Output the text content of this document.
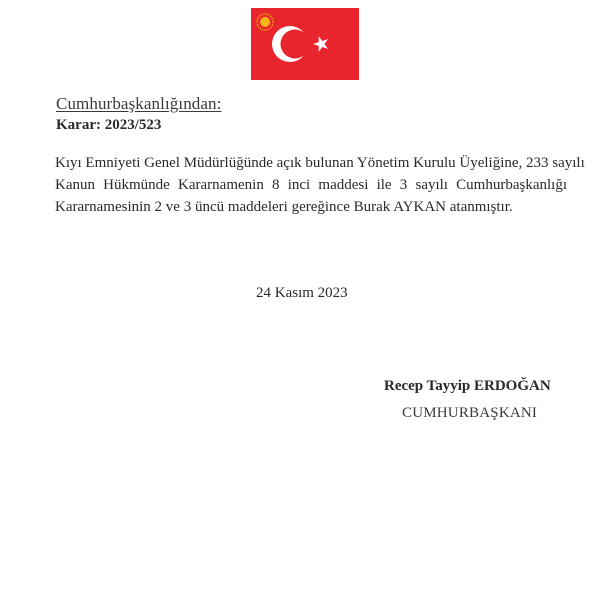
Cumhurbaşkanlığından:
Karar: 2023/523
Kıyı Emniyeti Genel Müdürlüğünde açık bulunan Yönetim Kurulu Üyeliğine, 233 sayılı
Kanun Hükmünde Kararnamenin 8 inci maddesi ile 3 sayılı Cumhurbaşkanlığı
Kararnamesinin 2 ve 3 üncü maddeleri gereğince Burak AYKAN atanmıştır.
24 Kasım 2023
Recep Tayyip ERDOĞAN
CUMHURBAŞKANI
